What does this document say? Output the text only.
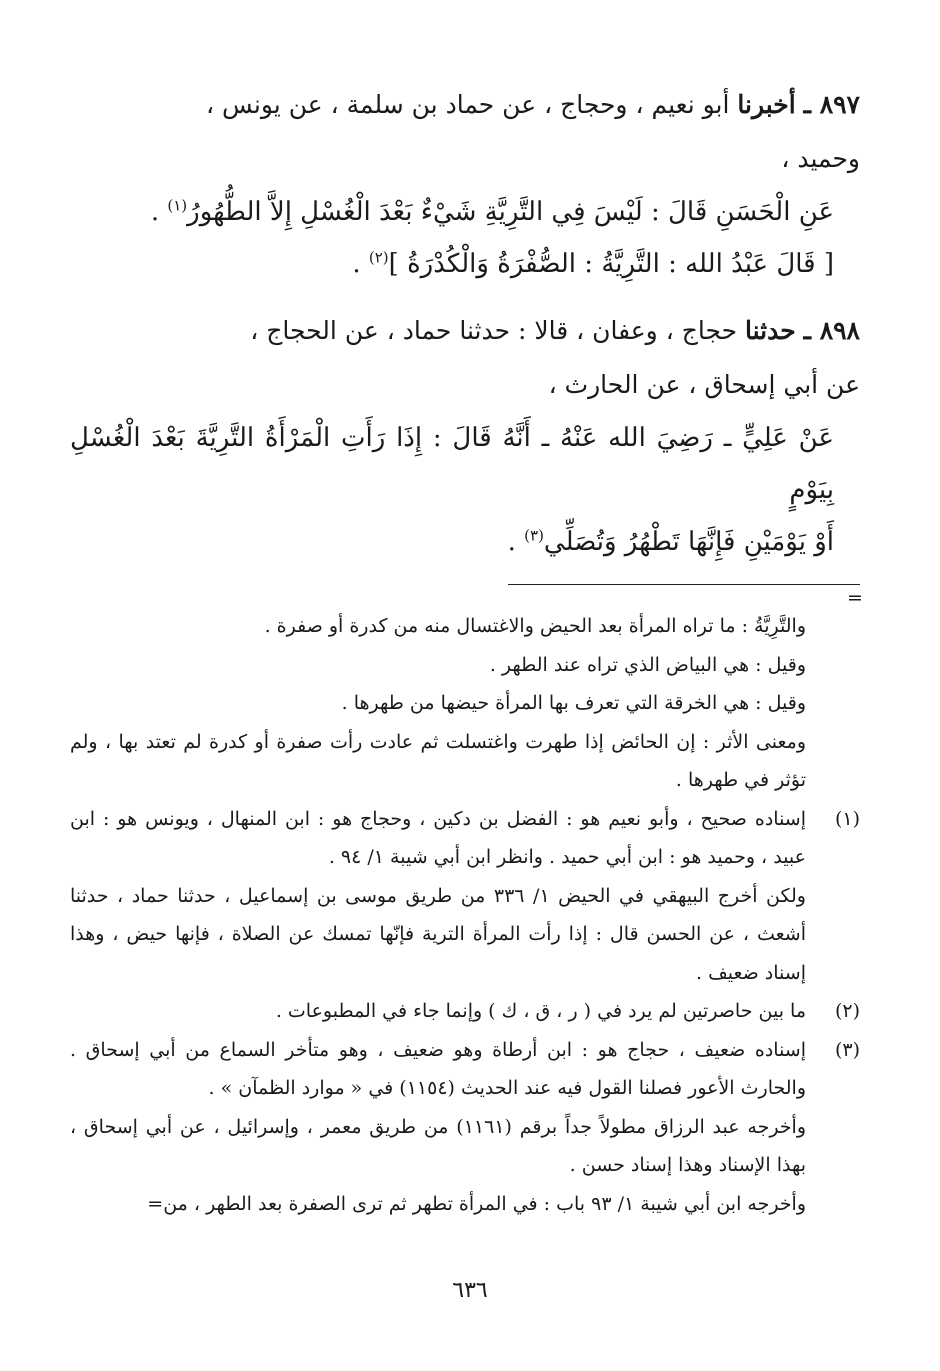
٨٩٧ ـ أخبرنا أبو نعيم ، وحجاج ، عن حماد بن سلمة ، عن يونس ،
وحميد ،

عَنِ الْحَسَنِ قَالَ : لَيْسَ فِي التَّرِيَّةِ شَيْءٌ بَعْدَ الْغُسْلِ إِلاَّ الطُّهُورُ$^{(١)}$ .
[ قَالَ عَبْدُ الله : التَّرِيَّةُ : الصُّفْرَةُ وَالْكُدْرَةُ ]$^{(٢)}$ .

٨٩٨ ـ حدثنا حجاج ، وعفان ، قالا : حدثنا حماد ، عن الحجاج ،
عن أبي إسحاق ، عن الحارث ،

عَنْ عَلِيٍّ ـ رَضِيَ الله عَنْهُ ـ أَنَّهُ قَالَ : إِذَا رَأَتِ الْمَرْأَةُ التَّرِيَّةَ بَعْدَ الْغُسْلِ بِيَوْمٍ
أَوْ يَوْمَيْنِ فَإِنَّهَا تَطْهُرُ وَتُصَلِّي$^{(٣)}$ .

والتَّرِيَّةُ : ما تراه المرأة بعد الحيض والاغتسال منه من كدرة أو صفرة .

وقيل : هي البياض الذي تراه عند الطهر .

وقيل : هي الخرقة التي تعرف بها المرأة حيضها من طهرها .

ومعنى الأثر : إن الحائض إذا طهرت واغتسلت ثم عادت رأت صفرة أو كدرة لم تعتد بها ، ولم تؤثر في طهرها .

(١)

إسناده صحيح ، وأبو نعيم هو : الفضل بن دكين ، وحجاج هو : ابن المنهال ، ويونس هو : ابن عبيد ، وحميد هو : ابن أبي حميد . وانظر ابن أبي شيبة ١/ ٩٤ .

ولكن أخرج البيهقي في الحيض ١/ ٣٣٦ من طريق موسى بن إسماعيل ، حدثنا حماد ، حدثنا أشعث ، عن الحسن قال : إذا رأت المرأة الترية فإنّها تمسك عن الصلاة ، فإنها حيض ، وهذا إسناد ضعيف .

(٢)

ما بين حاصرتين لم يرد في ( ر ، ق ، ك ) وإنما جاء في المطبوعات .

(٣)

إسناده ضعيف ، حجاج هو : ابن أرطاة وهو ضعيف ، وهو متأخر السماع من أبي إسحاق . والحارث الأعور فصلنا القول فيه عند الحديث (١١٥٤) في « موارد الظمآن » .

وأخرجه عبد الرزاق مطولاً جداً برقم (١١٦١) من طريق معمر ، وإسرائيل ، عن أبي إسحاق ، بهذا الإسناد وهذا إسناد حسن .

وأخرجه ابن أبي شيبة ١/ ٩٣ باب : في المرأة تطهر ثم ترى الصفرة بعد الطهر ، من=

=
٦٣٦
